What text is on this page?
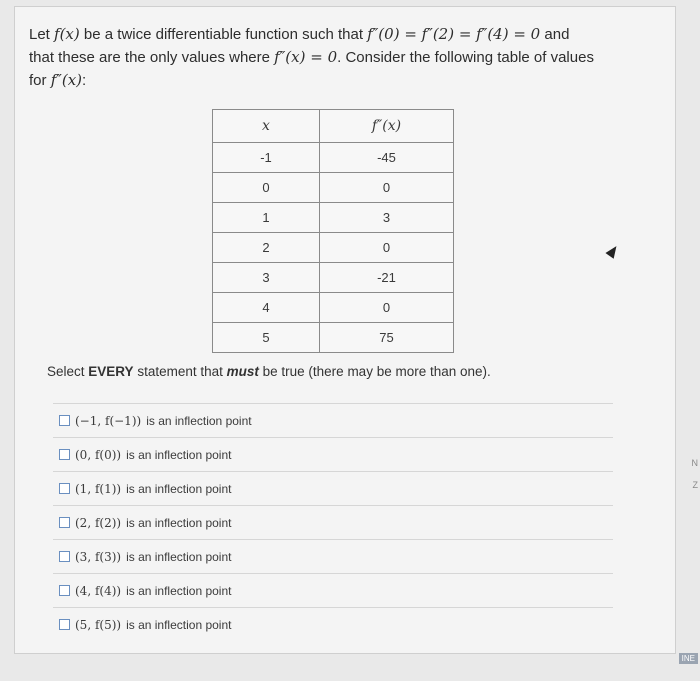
Let f(x) be a twice differentiable function such that f″(0) = f″(2) = f″(4) = 0 and

that these are the only values where f″(x) = 0. Consider the following table of values

for f″(x):

x	f″(x)
-1	-45
0	0
1	3
2	0
3	-21
4	0
5	75
Select EVERY statement that must be true (there may be more than one).
(−1, f(−1)) is an inflection point
(0, f(0)) is an inflection point
(1, f(1)) is an inflection point
(2, f(2)) is an inflection point
(3, f(3)) is an inflection point
(4, f(4)) is an inflection point
(5, f(5)) is an inflection point
N
Z
INE
